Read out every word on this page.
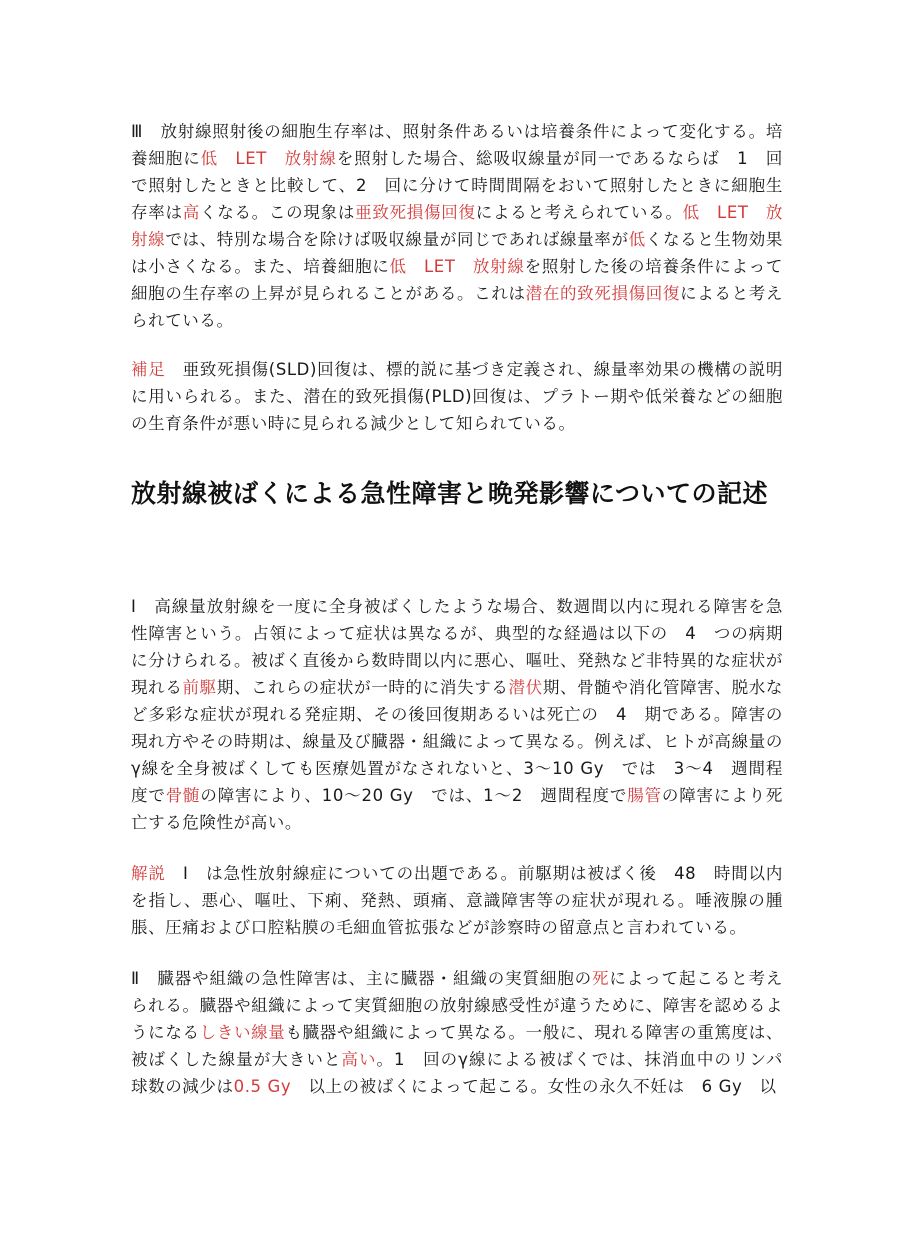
Ⅲ　放射線照射後の細胞生存率は、照射条件あるいは培養条件によって変化する。培養細胞に低　LET　放射線を照射した場合、総吸収線量が同一であるならば　1　回で照射したときと比較して、2　回に分けて時間間隔をおいて照射したときに細胞生存率は高くなる。この現象は亜致死損傷回復によると考えられている。低　LET　放射線では、特別な場合を除けば吸収線量が同じであれば線量率が低くなると生物効果は小さくなる。また、培養細胞に低　LET　放射線を照射した後の培養条件によって細胞の生存率の上昇が見られることがある。これは潜在的致死損傷回復によると考えられている。
補足　亜致死損傷(SLD)回復は、標的説に基づき定義され、線量率効果の機構の説明に用いられる。また、潜在的致死損傷(PLD)回復は、プラトー期や低栄養などの細胞の生育条件が悪い時に見られる減少として知られている。
放射線被ばくによる急性障害と晩発影響についての記述
Ⅰ　高線量放射線を一度に全身被ばくしたような場合、数週間以内に現れる障害を急性障害という。占領によって症状は異なるが、典型的な経過は以下の　4　つの病期に分けられる。被ばく直後から数時間以内に悪心、嘔吐、発熱など非特異的な症状が現れる前駆期、これらの症状が一時的に消失する潜伏期、骨髄や消化管障害、脱水など多彩な症状が現れる発症期、その後回復期あるいは死亡の　4　期である。障害の現れ方やその時期は、線量及び臓器・組織によって異なる。例えば、ヒトが高線量のγ線を全身被ばくしても医療処置がなされないと、3～10 Gy　では　3～4　週間程度で骨髄の障害により、10～20 Gy　では、1～2　週間程度で腸管の障害により死亡する危険性が高い。
解説　Ⅰ　は急性放射線症についての出題である。前駆期は被ばく後　48　時間以内を指し、悪心、嘔吐、下痢、発熱、頭痛、意識障害等の症状が現れる。唾液腺の腫脹、圧痛および口腔粘膜の毛細血管拡張などが診察時の留意点と言われている。
Ⅱ　臓器や組織の急性障害は、主に臓器・組織の実質細胞の死によって起こると考えられる。臓器や組織によって実質細胞の放射線感受性が違うために、障害を認めるようになるしきい線量も臓器や組織によって異なる。一般に、現れる障害の重篤度は、被ばくした線量が大きいと高い。1　回のγ線による被ばくでは、抹消血中のリンパ球数の減少は0.5 Gy　以上の被ばくによって起こる。女性の永久不妊は　6 Gy　以
